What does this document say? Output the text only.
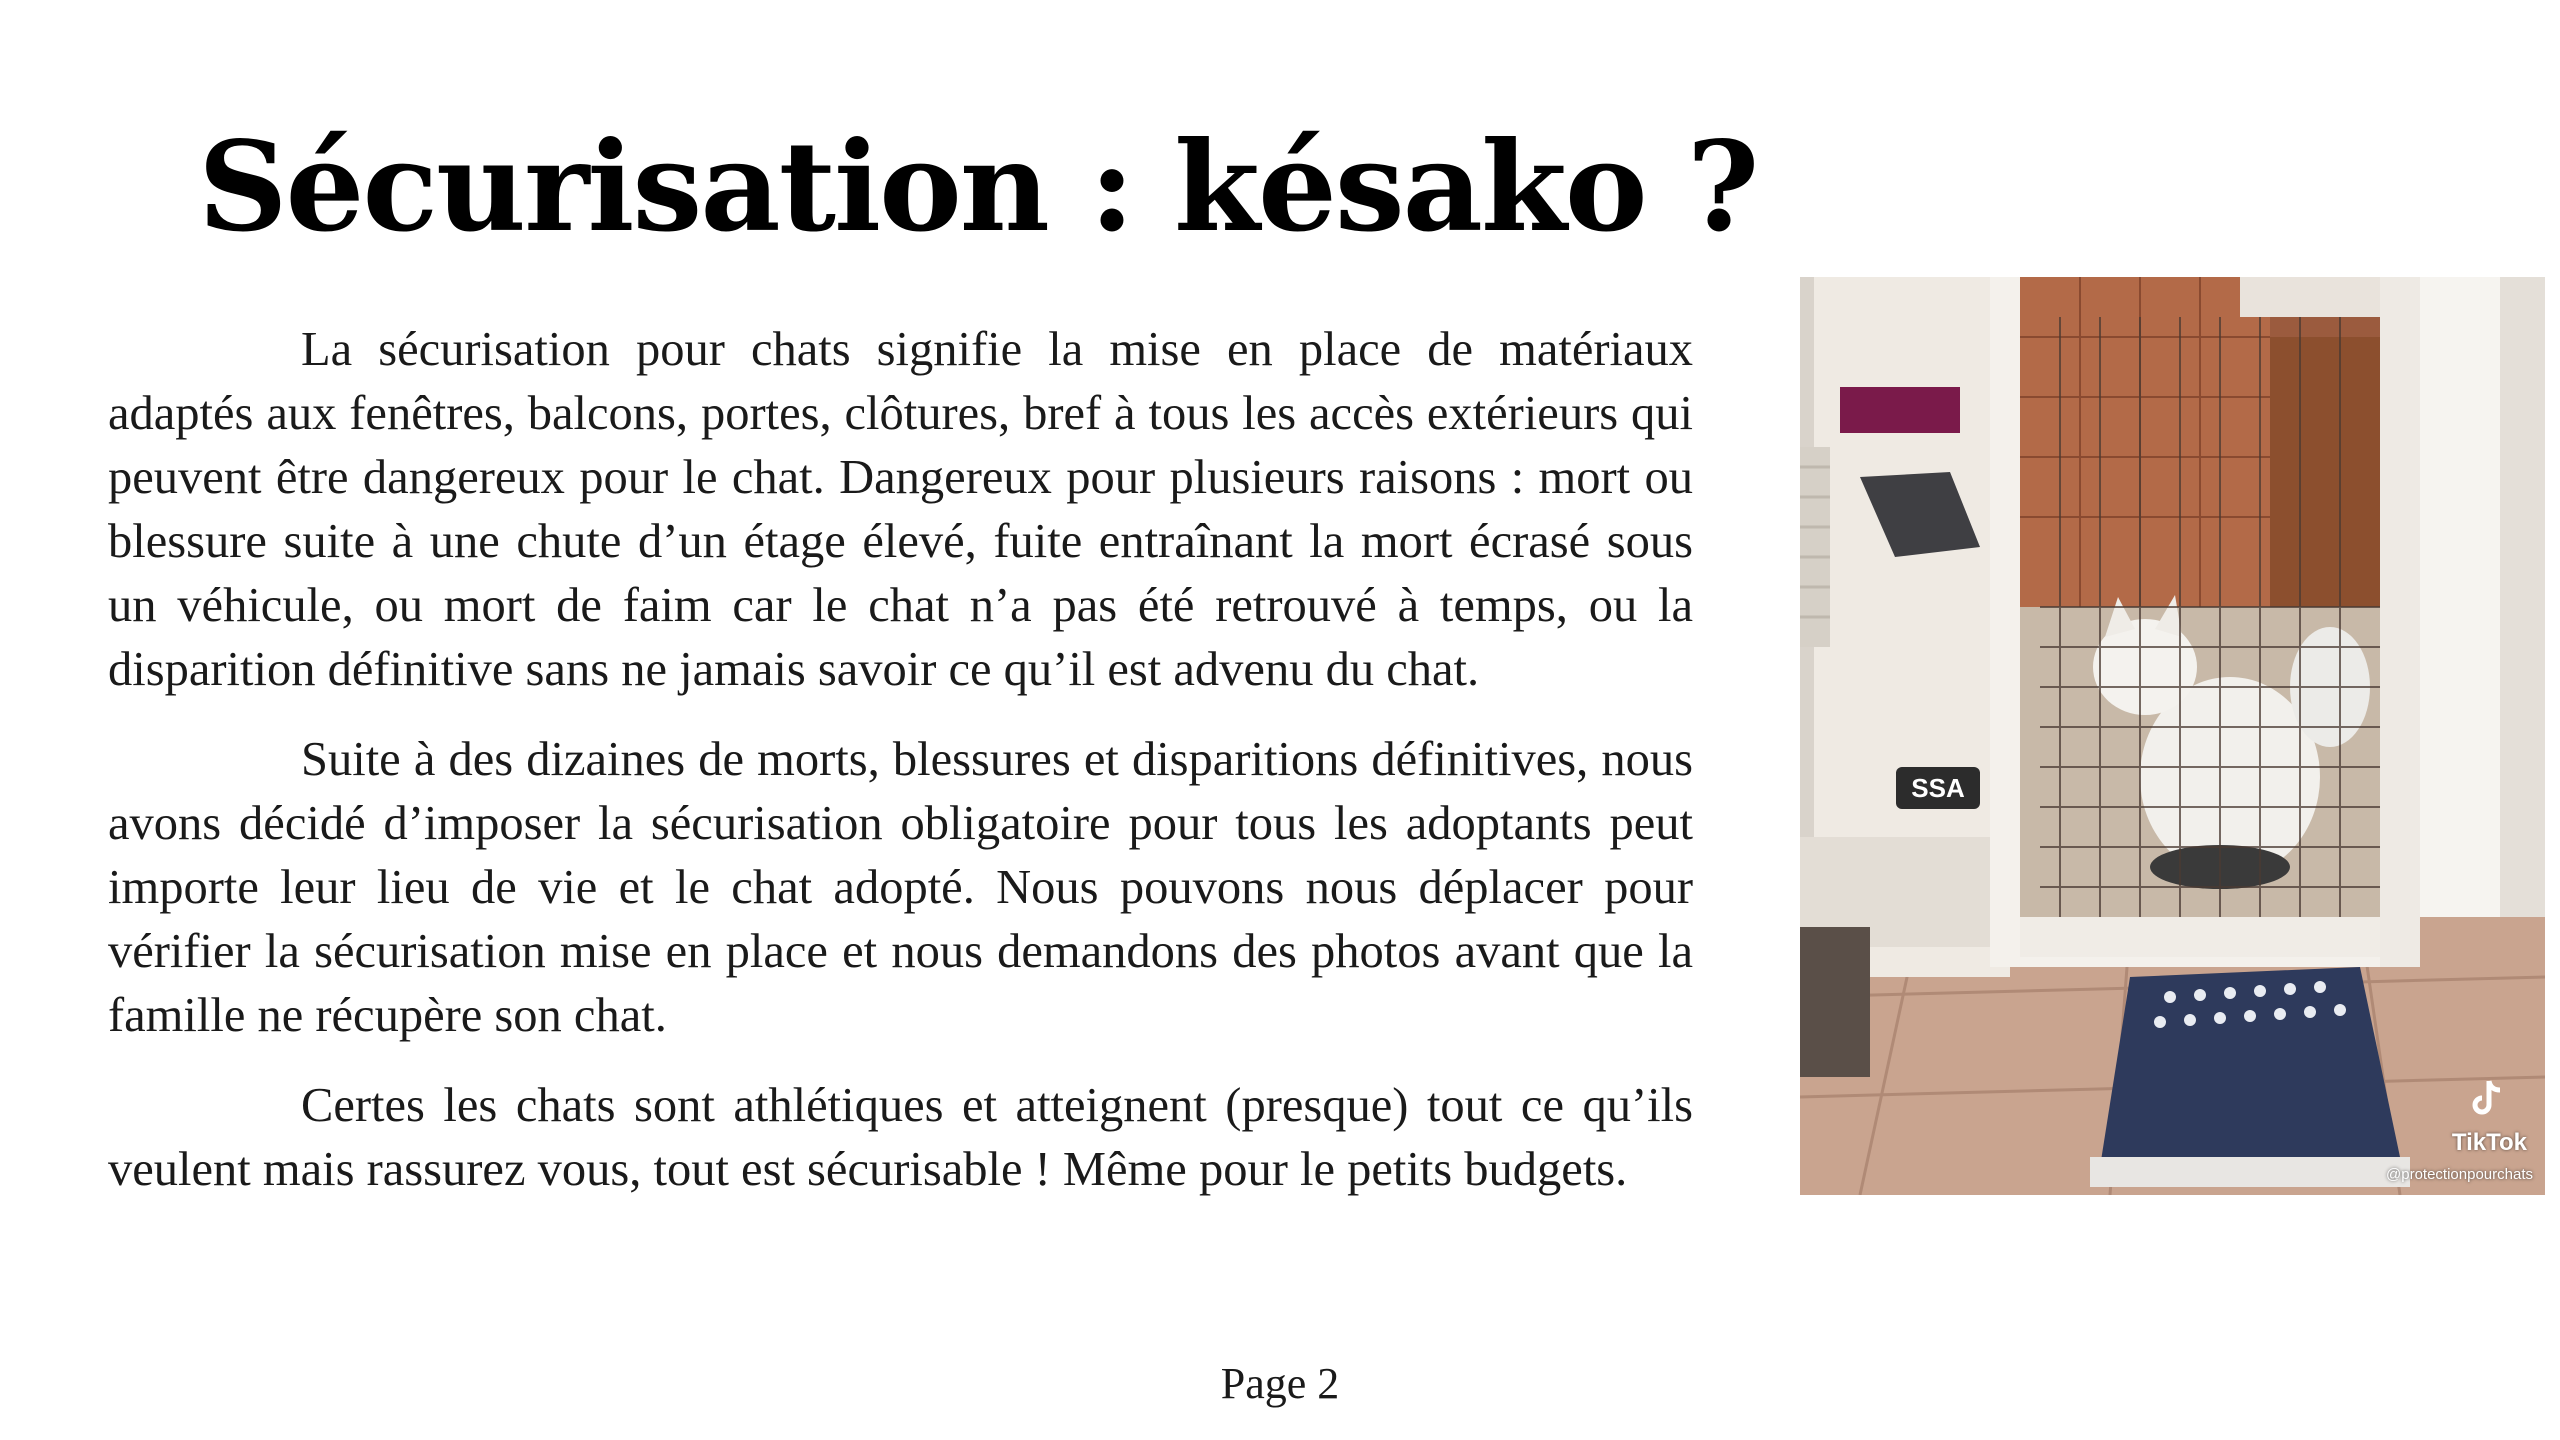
Sécurisation : késako ?

La sécurisation pour chats signifie la mise en place de matériaux adaptés aux fenêtres, balcons, portes, clôtures, bref à tous les accès extérieurs qui peuvent être dangereux pour le chat. Dangereux pour plusieurs raisons : mort ou blessure suite à une chute d’un étage élevé, fuite entraînant la mort écrasé sous un véhicule, ou mort de faim car le chat n’a pas été retrouvé à temps, ou la disparition définitive sans ne jamais savoir ce qu’il est advenu du chat.

Suite à des dizaines de morts, blessures et disparitions définitives, nous avons décidé d’imposer la sécurisation obligatoire pour tous les adoptants peut importe leur lieu de vie et le chat adopté. Nous pouvons nous déplacer pour vérifier la sécurisation mise en place et nous demandons des photos avant que la famille ne récupère son chat.

Certes les chats sont athlétiques et atteignent (presque) tout ce qu’ils veulent mais rassurez vous, tout est sécurisable ! Même pour le petits budgets.

SSA
TikTok
@protectionpourchats
Page 2
